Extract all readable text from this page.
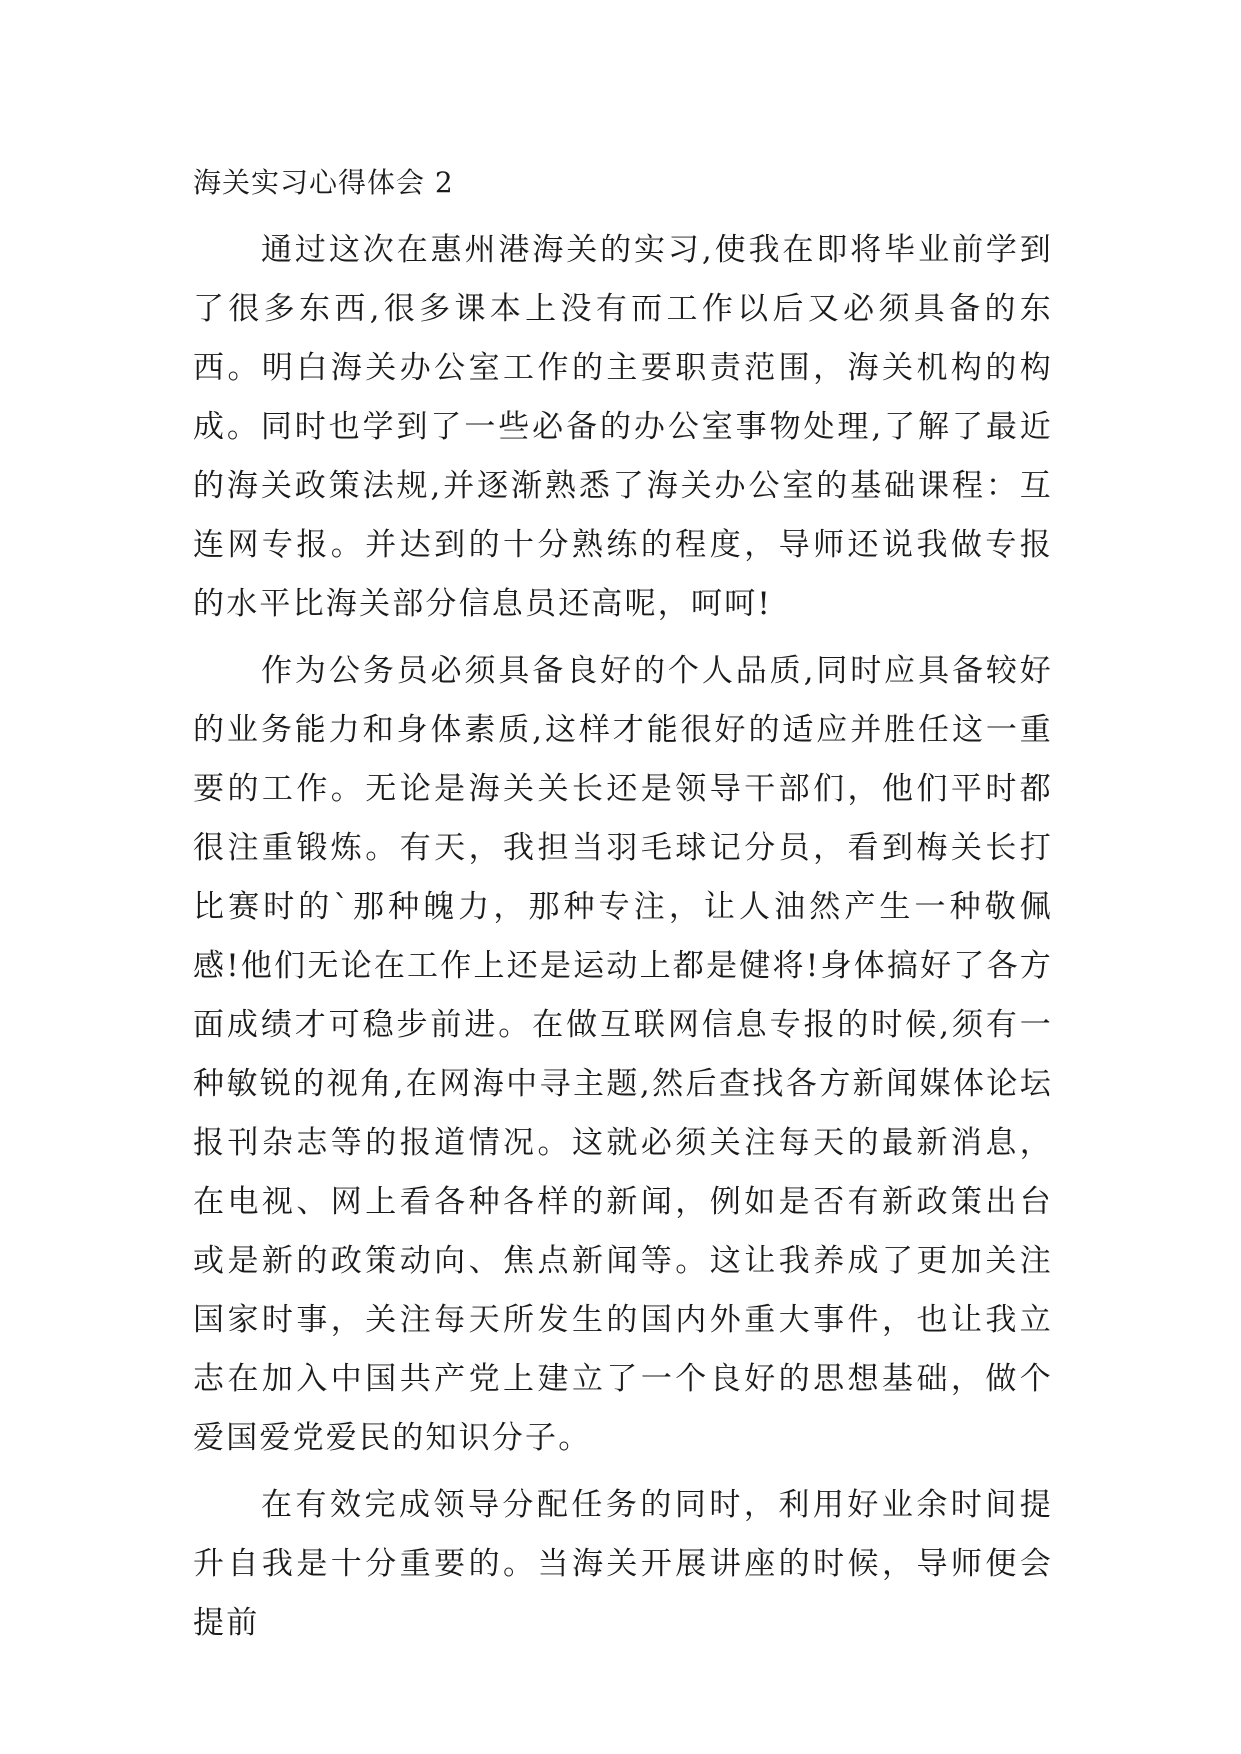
海关实习心得体会 2

通过这次在惠州港海关的实习,使我在即将毕业前学到了很多东西,很多课本上没有而工作以后又必须具备的东西。明白海关办公室工作的主要职责范围，海关机构的构成。同时也学到了一些必备的办公室事物处理,了解了最近的海关政策法规,并逐渐熟悉了海关办公室的基础课程：互连网专报。并达到的十分熟练的程度，导师还说我做专报的水平比海关部分信息员还高呢，呵呵!

作为公务员必须具备良好的个人品质,同时应具备较好的业务能力和身体素质,这样才能很好的适应并胜任这一重要的工作。无论是海关关长还是领导干部们，他们平时都很注重锻炼。有天，我担当羽毛球记分员，看到梅关长打比赛时的`那种魄力，那种专注，让人油然产生一种敬佩感!他们无论在工作上还是运动上都是健将!身体搞好了各方面成绩才可稳步前进。在做互联网信息专报的时候,须有一种敏锐的视角,在网海中寻主题,然后查找各方新闻媒体论坛报刊杂志等的报道情况。这就必须关注每天的最新消息，在电视、网上看各种各样的新闻，例如是否有新政策出台或是新的政策动向、焦点新闻等。这让我养成了更加关注国家时事，关注每天所发生的国内外重大事件，也让我立志在加入中国共产党上建立了一个良好的思想基础，做个爱国爱党爱民的知识分子。

在有效完成领导分配任务的同时，利用好业余时间提升自我是十分重要的。当海关开展讲座的时候，导师便会提前
